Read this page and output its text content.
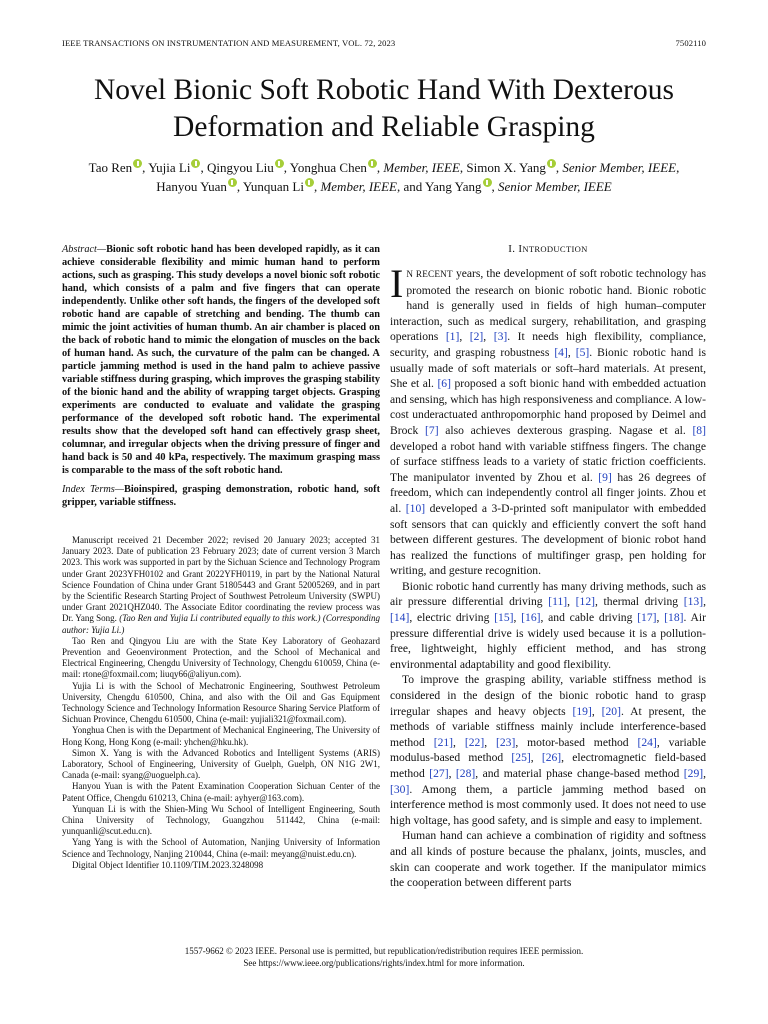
IEEE TRANSACTIONS ON INSTRUMENTATION AND MEASUREMENT, VOL. 72, 2023	7502110
Novel Bionic Soft Robotic Hand With Dexterous
Deformation and Reliable Grasping
Tao Ren , Yujia Li , Qingyou Liu , Yonghua Chen , Member, IEEE, Simon X. Yang , Senior Member, IEEE,
Hanyou Yuan , Yunquan Li , Member, IEEE, and Yang Yang , Senior Member, IEEE

Abstract—Bionic soft robotic hand has been developed rapidly, as it can achieve considerable flexibility and mimic human hand to perform actions, such as grasping. This study develops a novel bionic soft robotic hand, which consists of a palm and five fingers that can operate independently. Unlike other soft hands, the fingers of the developed soft robotic hand are capable of stretching and bending. The thumb can mimic the joint activities of human thumb. An air chamber is placed on the back of robotic hand to mimic the elongation of muscles on the back of human hand. As such, the curvature of the palm can be changed. A particle jamming method is used in the hand palm to achieve passive variable stiffness during grasping, which improves the grasping stability of the bionic hand and the ability of wrapping target objects. Grasping experiments are conducted to evaluate and validate the grasping performance of the developed soft robotic hand. The experimental results show that the developed soft hand can effectively grasp sheet, columnar, and irregular objects when the driving pressure of finger and hand back is 50 and 40 kPa, respectively. The maximum grasping mass is comparable to the mass of the soft robotic hand.

Index Terms—Bioinspired, grasping demonstration, robotic hand, soft gripper, variable stiffness.

Manuscript received 21 December 2022; revised 20 January 2023; accepted 31 January 2023. Date of publication 23 February 2023; date of current version 3 March 2023. This work was supported in part by the Sichuan Science and Technology Program under Grant 2023YFH0102 and Grant 2022YFH0119, in part by the National Natural Science Foundation of China under Grant 51805443 and Grant 52005269, and in part by the Scientific Research Starting Project of Southwest Petroleum University (SWPU) under Grant 2021QHZ040. The Associate Editor coordinating the review process was Dr. Yang Song. (Tao Ren and Yujia Li contributed equally to this work.) (Corresponding author: Yujia Li.)

Tao Ren and Qingyou Liu are with the State Key Laboratory of Geohazard Prevention and Geoenvironment Protection, and the School of Mechanical and Electrical Engineering, Chengdu University of Technology, Chengdu 610059, China (e-mail: rtone@foxmail.com; liuqy66@aliyun.com).

Yujia Li is with the School of Mechatronic Engineering, Southwest Petroleum University, Chengdu 610500, China, and also with the Oil and Gas Equipment Technology Science and Technology Information Resource Sharing Service Platform of Sichuan Province, Chengdu 610500, China (e-mail: yujiali321@foxmail.com).

Yonghua Chen is with the Department of Mechanical Engineering, The University of Hong Kong, Hong Kong (e-mail: yhchen@hku.hk).

Simon X. Yang is with the Advanced Robotics and Intelligent Systems (ARIS) Laboratory, School of Engineering, University of Guelph, Guelph, ON N1G 2W1, Canada (e-mail: syang@uoguelph.ca).

Hanyou Yuan is with the Patent Examination Cooperation Sichuan Center of the Patent Office, Chengdu 610213, China (e-mail: ayhyer@163.com).

Yunquan Li is with the Shien-Ming Wu School of Intelligent Engineering, South China University of Technology, Guangzhou 511442, China (e-mail: yunquanli@scut.edu.cn).

Yang Yang is with the School of Automation, Nanjing University of Information Science and Technology, Nanjing 210044, China (e-mail: meyang@nuist.edu.cn).

Digital Object Identifier 10.1109/TIM.2023.3248098

I. INTRODUCTION

I N RECENT years, the development of soft robotic technology has promoted the research on bionic robotic hand. Bionic robotic hand is generally used in fields of high human–computer interaction, such as medical surgery, rehabilitation, and grasping operations [1], [2], [3]. It needs high flexibility, compliance, security, and grasping robustness [4], [5]. Bionic robotic hand is usually made of soft materials or soft–hard materials. At present, She et al. [6] proposed a soft bionic hand with embedded actuation and sensing, which has high responsiveness and compliance. A low-cost underactuated anthropomorphic hand proposed by Deimel and Brock [7] also achieves dexterous grasping. Nagase et al. [8] developed a robot hand with variable stiffness fingers. The change of surface stiffness leads to a variety of static friction coefficients. The manipulator invented by Zhou et al. [9] has 26 degrees of freedom, which can independently control all finger joints. Zhou et al. [10] developed a 3-D-printed soft manipulator with embedded soft sensors that can quickly and efficiently convert the soft hand between different gestures. The development of bionic robot hand has realized the functions of multifinger grasp, pen holding for writing, and gesture recognition.

Bionic robotic hand currently has many driving methods, such as air pressure differential driving [11], [12], thermal driving [13], [14], electric driving [15], [16], and cable driving [17], [18]. Air pressure differential drive is widely used because it is a pollution-free, lightweight, highly efficient method, and has strong environmental adaptability and good flexibility.

To improve the grasping ability, variable stiffness method is considered in the design of the bionic robotic hand to grasp irregular shapes and heavy objects [19], [20]. At present, the methods of variable stiffness mainly include interference-based method [21], [22], [23], motor-based method [24], variable modulus-based method [25], [26], electromagnetic field-based method [27], [28], and material phase change-based method [29], [30]. Among them, a particle jamming method based on interference method is most commonly used. It does not need to use high voltage, has good safety, and is simple and easy to implement.

Human hand can achieve a combination of rigidity and softness and all kinds of posture because the phalanx, joints, muscles, and skin can cooperate and work together. If the manipulator mimics the cooperation between different parts

1557-9662 © 2023 IEEE. Personal use is permitted, but republication/redistribution requires IEEE permission.
See https://www.ieee.org/publications/rights/index.html for more information.
